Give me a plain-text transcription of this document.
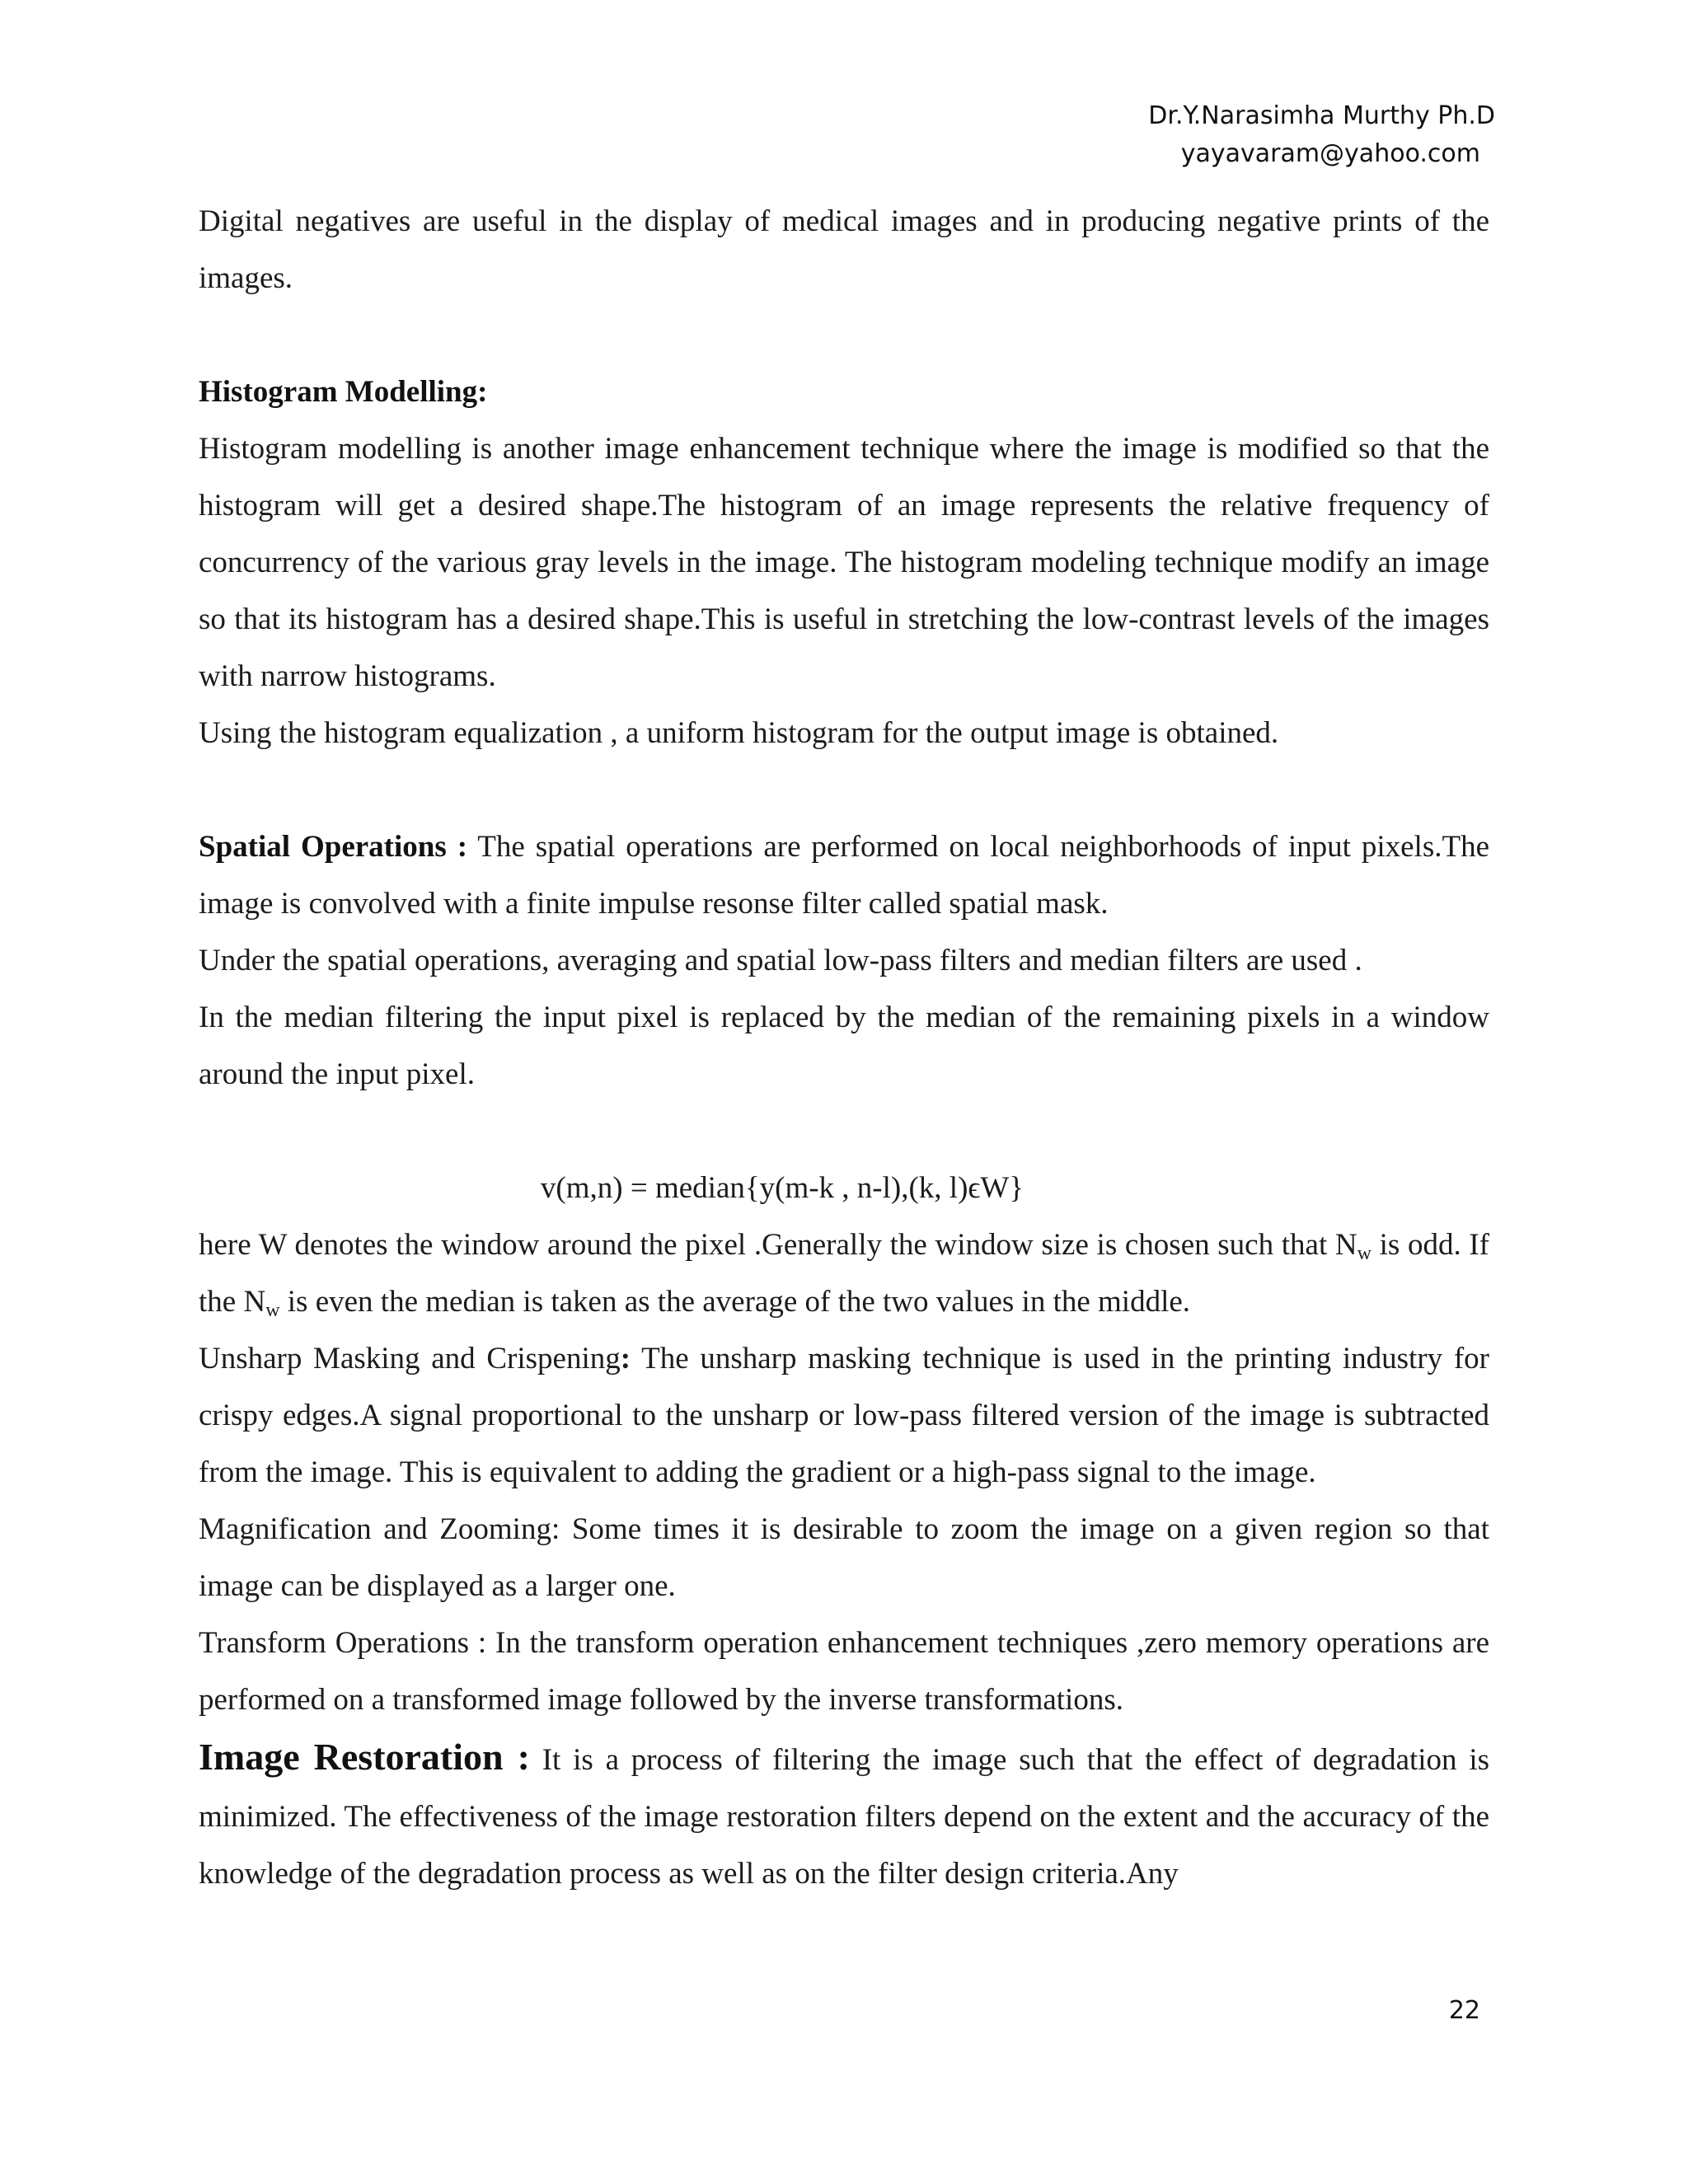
Dr.Y.Narasimha Murthy Ph.D
yayavaram@yahoo.com

Digital negatives are useful in the display of medical images and in producing negative prints of the images.

Histogram Modelling:

Histogram modelling is another image enhancement technique where the image is modified so that the histogram will get a desired shape.The histogram of an image represents the relative frequency of concurrency of the various gray levels in the image. The histogram modeling technique modify an image so that its histogram has a desired shape.This is useful in stretching the low-contrast levels of the images with narrow histograms.

Using the histogram equalization , a uniform histogram for the output image is obtained.

Spatial Operations : The spatial operations are performed on local neighborhoods of input pixels.The image is convolved with a finite impulse resonse filter called spatial mask.

Under the spatial operations, averaging and spatial low-pass filters and median filters are used .

In the median filtering the input pixel is replaced by the median of the remaining pixels in a window around the input pixel.

v(m,n) = median{y(m-k , n-l),(k, l)ϵW}

here W denotes the window around the pixel .Generally the window size is chosen such that $N_w$ is odd. If the $N_w$ is even the median is taken as the average of the two values in the middle.

Unsharp Masking and Crispening: The unsharp masking technique is used in the printing industry for crispy edges.A signal proportional to the unsharp or low-pass filtered version of the image is subtracted from the image. This is equivalent to adding the gradient or a high-pass signal to the image.

Magnification and Zooming: Some times it is desirable to zoom the image on a given region so that image can be displayed as a larger one.

Transform Operations : In the transform operation enhancement techniques ,zero memory operations are performed on a transformed image followed by the inverse transformations.

Image Restoration : It is a process of filtering the image such that the effect of degradation is minimized. The effectiveness of the image restoration filters depend on the extent and the accuracy of the knowledge of the degradation process as well as on the filter design criteria.Any

22
